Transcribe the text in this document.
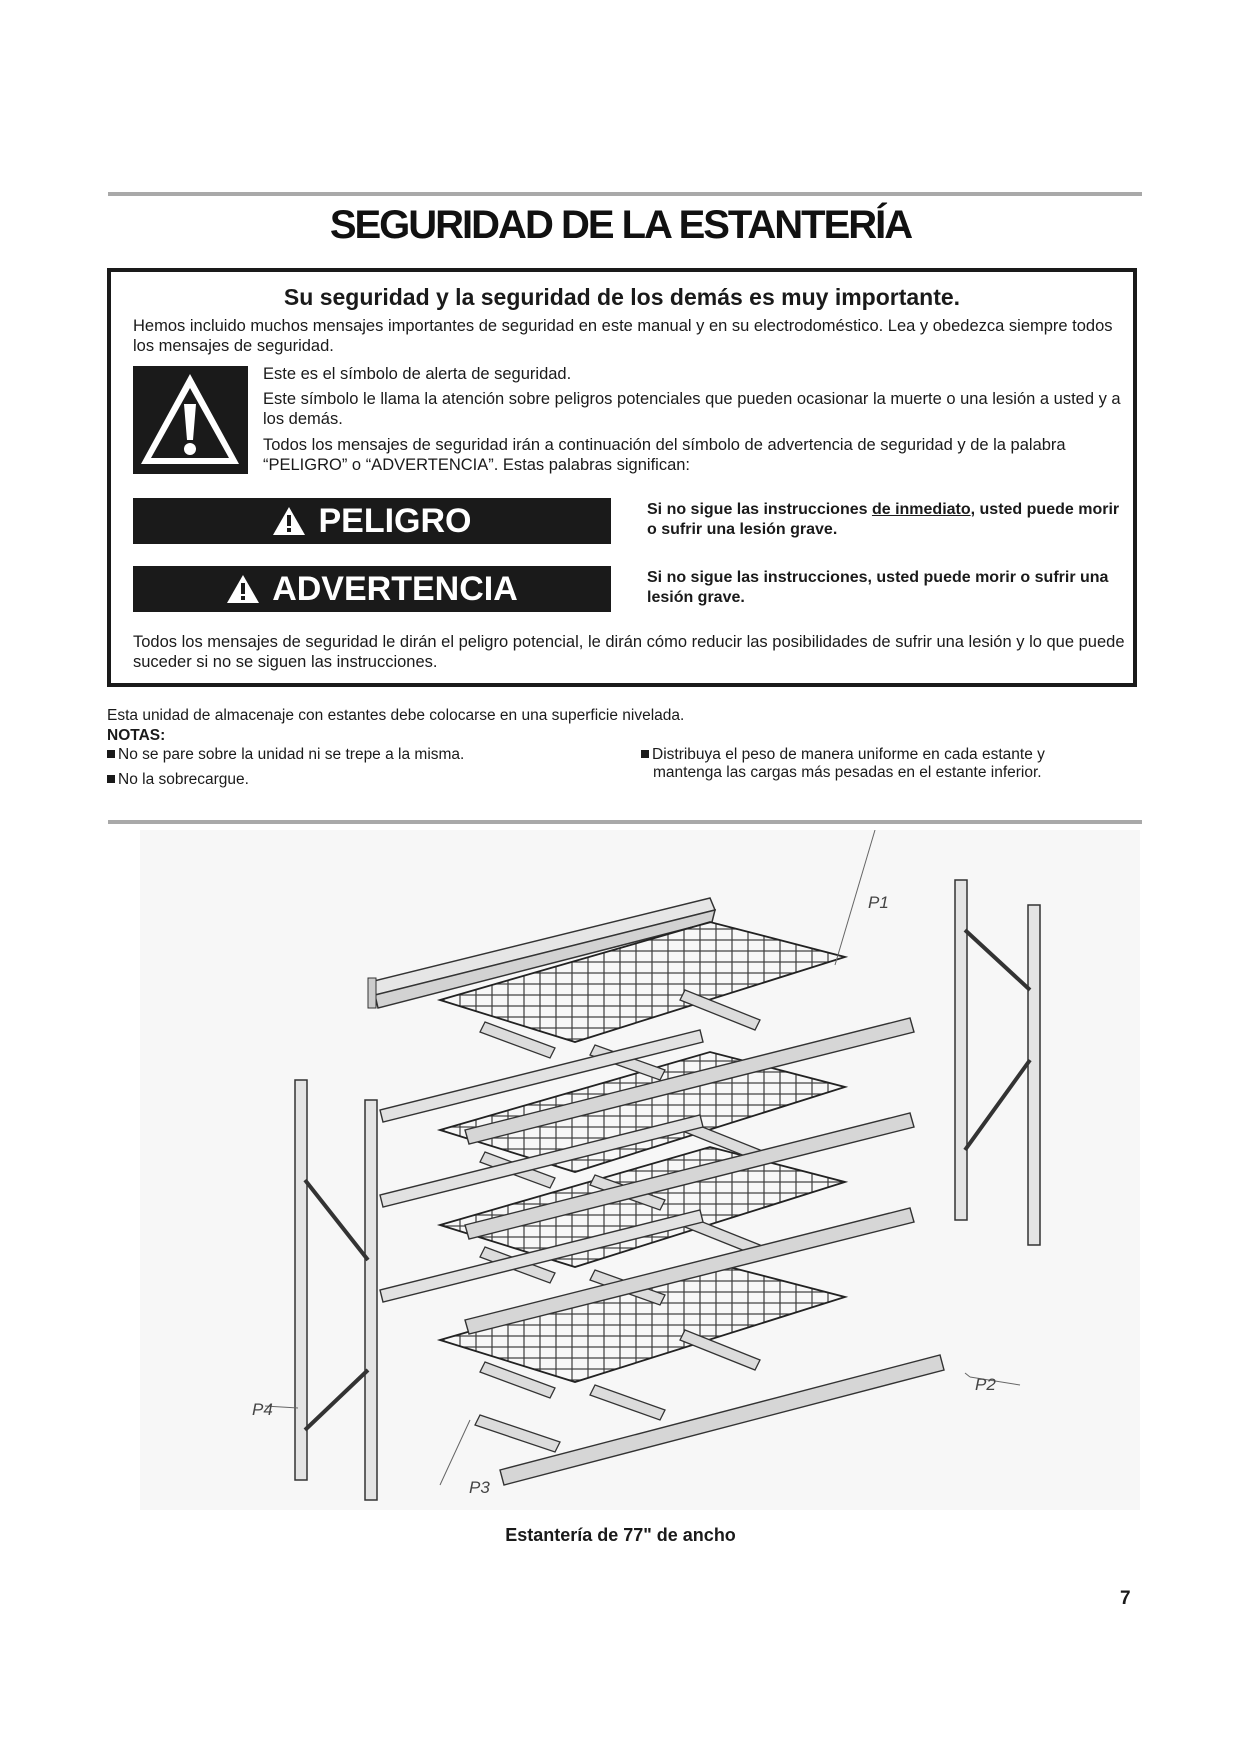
SEGURIDAD DE LA ESTANTERÍA
Su seguridad y la seguridad de los demás es muy importante.
Hemos incluido muchos mensajes importantes de seguridad en este manual y en su electrodoméstico. Lea y obedezca siempre todos los mensajes de seguridad.
Este es el símbolo de alerta de seguridad.
Este símbolo le llama la atención sobre peligros potenciales que pueden ocasionar la muerte o una lesión a usted y a los demás.
Todos los mensajes de seguridad irán a continuación del símbolo de advertencia de seguridad y de la palabra “PELIGRO” o “ADVERTENCIA”. Estas palabras significan:
PELIGRO	Si no sigue las instrucciones de inmediato, usted puede morir o sufrir una lesión grave.
ADVERTENCIA	Si no sigue las instrucciones, usted puede morir o sufrir una lesión grave.
Todos los mensajes de seguridad le dirán el peligro potencial, le dirán cómo reducir las posibilidades de sufrir una lesión y lo que puede suceder si no se siguen las instrucciones.
Esta unidad de almacenaje con estantes debe colocarse en una superficie nivelada.
NOTAS:
No se pare sobre la unidad ni se trepe a la misma.
No la sobrecargue.
Distribuya el peso de manera uniforme en cada estante y mantenga las cargas más pesadas en el estante inferior.
P1
P2
P3
P4
Estantería de 77" de ancho
7
